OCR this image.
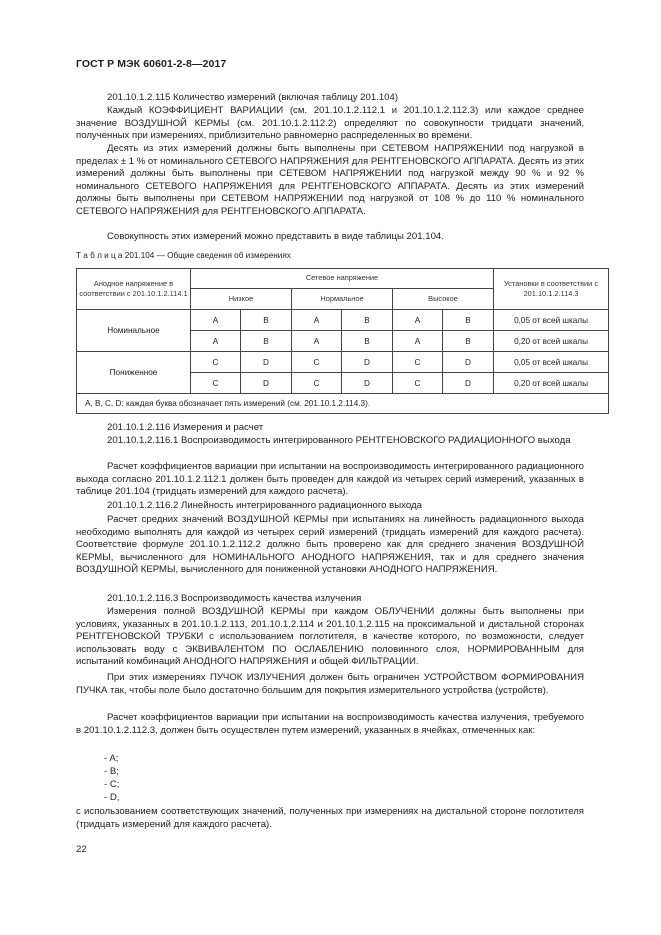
ГОСТ Р МЭК 60601-2-8—2017

201.10.1.2.115 Количество измерений (включая таблицу 201.104)

Каждый КОЭФФИЦИЕНТ ВАРИАЦИИ (см. 201.10.1.2.112.1 и 201.10.1.2.112.3) или каждое среднее значение ВОЗДУШНОЙ КЕРМЫ (см. 201.10.1.2.112.2) определяют по совокупности тридцати значений, полученных при измерениях, приблизительно равномерно распределенных во времени.

Десять из этих измерений должны быть выполнены при СЕТЕВОМ НАПРЯЖЕНИИ под нагрузкой в пределах ± 1 % от номинального СЕТЕВОГО НАПРЯЖЕНИЯ для РЕНТГЕНОВСКОГО АППАРАТА. Десять из этих измерений должны быть выполнены при СЕТЕВОМ НАПРЯЖЕНИИ под нагрузкой между 90 % и 92 % номинального СЕТЕВОГО НАПРЯЖЕНИЯ для РЕНТГЕНОВСКОГО АППАРАТА. Десять из этих измерений должны быть выполнены при СЕТЕВОМ НАПРЯЖЕНИИ под нагрузкой от 108 % до 110 % номинального СЕТЕВОГО НАПРЯЖЕНИЯ для РЕНТГЕНОВСКОГО АППАРАТА.

Совокупность этих измерений можно представить в виде таблицы 201.104.

Т а б л и ц а 201.104 — Общие сведения об измерениях
Анодное напряжение в соответствии с 201.10.1.2.114.1	Сетевое напряжение						Установки в соответствии с 201.10.1.2.114.3
	Низкое		Нормальное		Высокое		
Номинальное	A	B	A	B	A	B	0,05 от всей шкалы
	A	B	A	B	A	B	0,20 от всей шкалы
Пониженное	C	D	C	D	C	D	0,05 от всей шкалы
	C	D	C	D	C	D	0,20 от всей шкалы
A, B, C, D: каждая буква обозначает пять измерений (см. 201.10.1.2.114.3).							

201.10.1.2.116 Измерения и расчет

201.10.1.2.116.1 Воспроизводимость интегрированного РЕНТГЕНОВСКОГО РАДИАЦИОННОГО выхода

Расчет коэффициентов вариации при испытании на воспроизводимость интегрированного радиационного выхода согласно 201.10.1.2.112.1 должен быть проведен для каждой из четырех серий измерений, указанных в таблице 201.104 (тридцать измерений для каждого расчета).

201.10.1.2.116.2 Линейность интегрированного радиационного выхода

Расчет средних значений ВОЗДУШНОЙ КЕРМЫ при испытаниях на линейность радиационного выхода необходимо выполнять для каждой из четырех серий измерений (тридцать измерений для каждого расчета). Соответствие формуле 201.10.1.2.112.2 должно быть проверено как для среднего значения ВОЗДУШНОЙ КЕРМЫ, вычисленного для НОМИНАЛЬНОГО АНОДНОГО НАПРЯЖЕНИЯ, так и для среднего значения ВОЗДУШНОЙ КЕРМЫ, вычисленного для пониженной установки АНОДНОГО НАПРЯЖЕНИЯ.

201.10.1.2.116.3 Воспроизводимость качества излучения

Измерения полной ВОЗДУШНОЙ КЕРМЫ при каждом ОБЛУЧЕНИИ должны быть выполнены при условиях, указанных в 201.10.1.2.113, 201.10.1.2.114 и 201.10.1.2.115 на проксимальной и дистальной сторонах РЕНТГЕНОВСКОЙ ТРУБКИ с использованием поглотителя, в качестве которого, по возможности, следует использовать воду с ЭКВИВАЛЕНТОМ ПО ОСЛАБЛЕНИЮ половинного слоя, НОРМИРОВАННЫМ для испытаний комбинаций АНОДНОГО НАПРЯЖЕНИЯ и общей ФИЛЬТРАЦИИ.

При этих измерениях ПУЧОК ИЗЛУЧЕНИЯ должен быть ограничен УСТРОЙСТВОМ ФОРМИРОВАНИЯ ПУЧКА так, чтобы поле было достаточно большим для покрытия измерительного устройства (устройств).

Расчет коэффициентов вариации при испытании на воспроизводимость качества излучения, требуемого в 201.10.1.2.112.3, должен быть осуществлен путем измерений, указанных в ячейках, отмеченных как:

- A;
- B;
- C;
- D,

с использованием соответствующих значений, полученных при измерениях на дистальной стороне поглотителя (тридцать измерений для каждого расчета).

22
